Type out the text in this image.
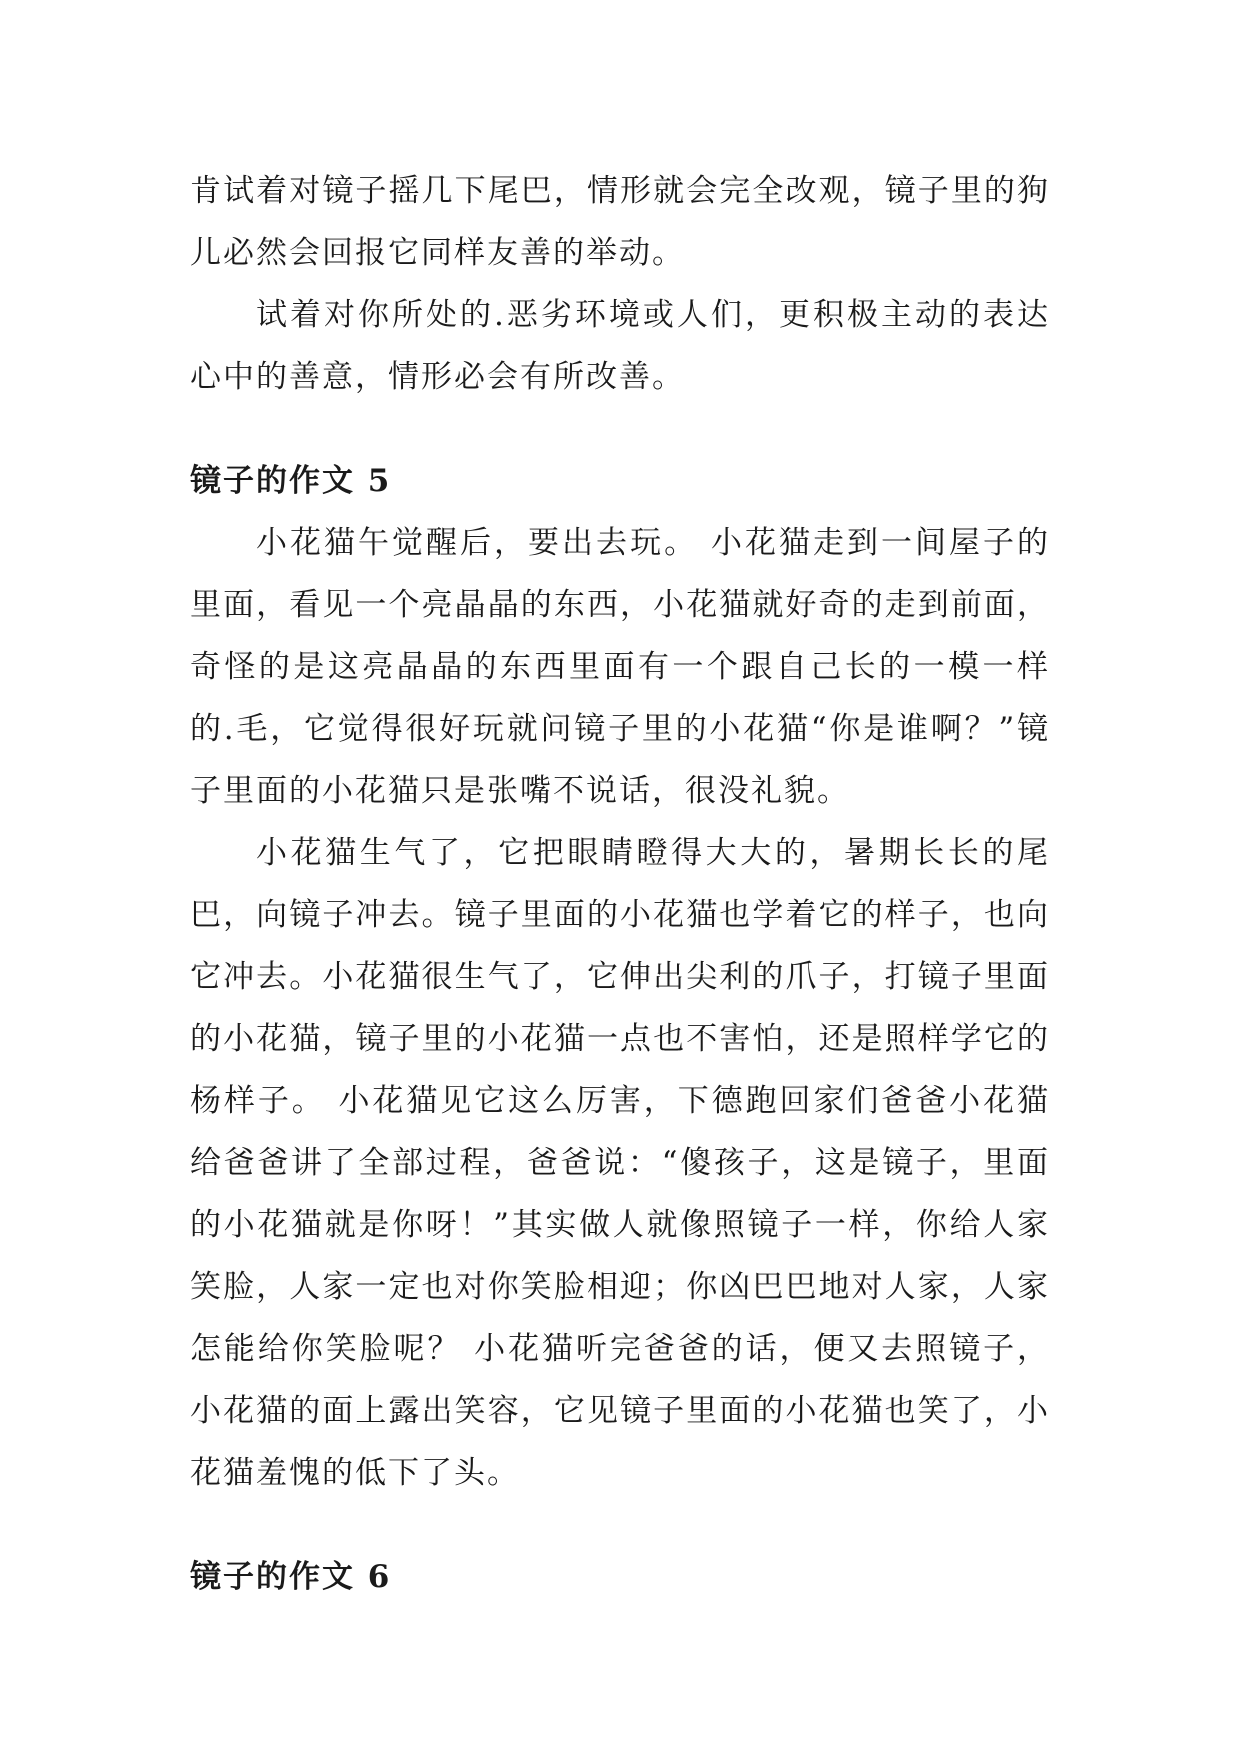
肯试着对镜子摇几下尾巴，情形就会完全改观，镜子里的狗儿必然会回报它同样友善的举动。

试着对你所处的.恶劣环境或人们，更积极主动的表达心中的善意，情形必会有所改善。

镜子的作文 5

小花猫午觉醒后，要出去玩。 小花猫走到一间屋子的里面，看见一个亮晶晶的东西，小花猫就好奇的走到前面，奇怪的是这亮晶晶的东西里面有一个跟自己长的一模一样的.毛，它觉得很好玩就问镜子里的小花猫“你是谁啊？”镜子里面的小花猫只是张嘴不说话，很没礼貌。

小花猫生气了，它把眼睛瞪得大大的，暑期长长的尾巴，向镜子冲去。镜子里面的小花猫也学着它的样子，也向它冲去。小花猫很生气了，它伸出尖利的爪子，打镜子里面的小花猫，镜子里的小花猫一点也不害怕，还是照样学它的杨样子。 小花猫见它这么厉害，下德跑回家们爸爸小花猫给爸爸讲了全部过程，爸爸说：“傻孩子，这是镜子，里面的小花猫就是你呀！”其实做人就像照镜子一样，你给人家笑脸，人家一定也对你笑脸相迎；你凶巴巴地对人家，人家怎能给你笑脸呢？ 小花猫听完爸爸的话，便又去照镜子，小花猫的面上露出笑容，它见镜子里面的小花猫也笑了，小花猫羞愧的低下了头。

镜子的作文 6
